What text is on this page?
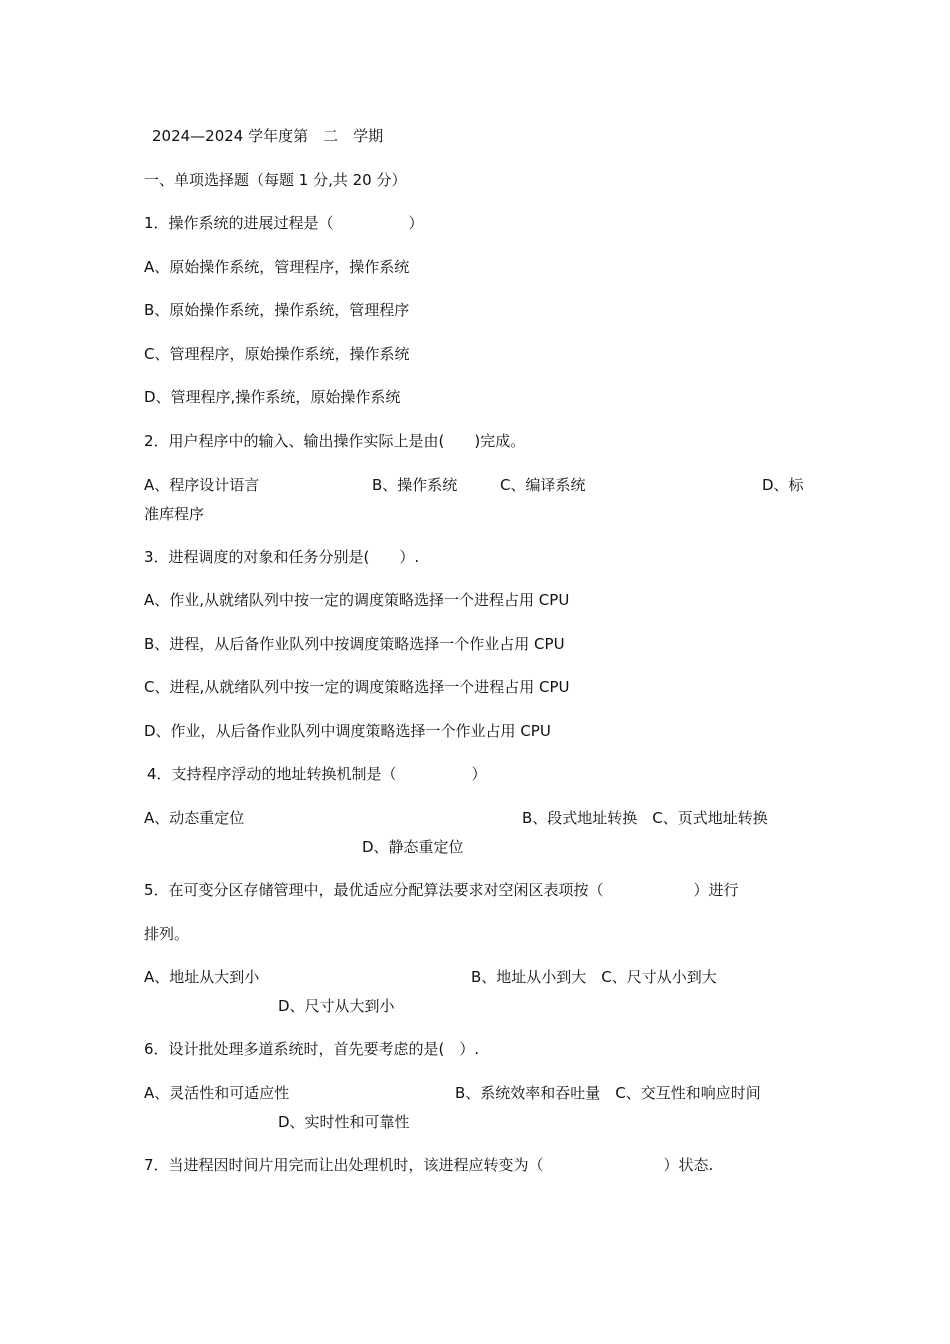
2024—2024 学年度第　二　学期
一、单项选择题（每题 1 分,共 20 分）
1．操作系统的进展过程是（　　　　　）
A、原始操作系统，管理程序，操作系统
B、原始操作系统，操作系统，管理程序
C、管理程序，原始操作系统，操作系统
D、管理程序,操作系统，原始操作系统
2．用户程序中的输入、输出操作实际上是由(　　)完成。
A、程序设计语言	B、操作系统	C、编译系统	D、标
准库程序
3．进程调度的对象和任务分别是(　　）.
A、作业,从就绪队列中按一定的调度策略选择一个进程占用 CPU
B、进程，从后备作业队列中按调度策略选择一个作业占用 CPU
C、进程,从就绪队列中按一定的调度策略选择一个进程占用 CPU
D、作业，从后备作业队列中调度策略选择一个作业占用 CPU
4．支持程序浮动的地址转换机制是（　　　　　）
A、动态重定位	B、段式地址转换　C、页式地址转换
D、静态重定位
5．在可变分区存储管理中，最优适应分配算法要求对空闲区表项按（　　　　　　）进行
排列。
A、地址从大到小	B、地址从小到大　C、尺寸从小到大
D、尺寸从大到小
6．设计批处理多道系统时，首先要考虑的是(　）.
A、灵活性和可适应性	B、系统效率和吞吐量　C、交互性和响应时间
D、实时性和可靠性
7．当进程因时间片用完而让出处理机时，该进程应转变为（　　　　　　　　）状态.
